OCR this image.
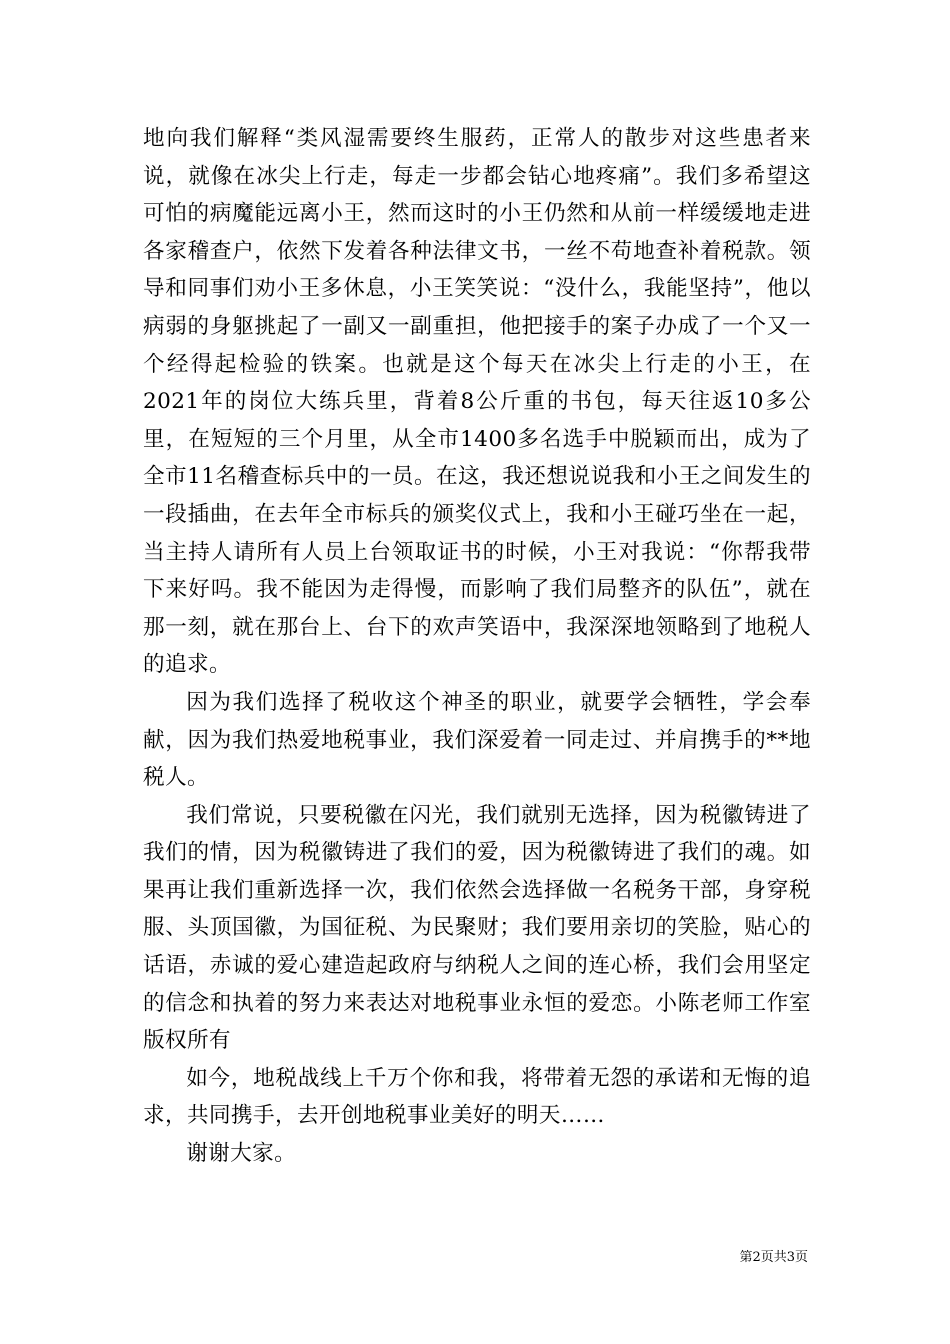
地向我们解释“类风湿需要终生服药，正常人的散步对这些患者来说，就像在冰尖上行走，每走一步都会钻心地疼痛”。我们多希望这可怕的病魔能远离小王，然而这时的小王仍然和从前一样缓缓地走进各家稽查户，依然下发着各种法律文书，一丝不苟地查补着税款。领导和同事们劝小王多休息，小王笑笑说：“没什么，我能坚持”，他以病弱的身躯挑起了一副又一副重担，他把接手的案子办成了一个又一个经得起检验的铁案。也就是这个每天在冰尖上行走的小王，在2021年的岗位大练兵里，背着8公斤重的书包，每天往返10多公里，在短短的三个月里，从全市1400多名选手中脱颖而出，成为了全市11名稽查标兵中的一员。在这，我还想说说我和小王之间发生的一段插曲，在去年全市标兵的颁奖仪式上，我和小王碰巧坐在一起，当主持人请所有人员上台领取证书的时候，小王对我说：“你帮我带下来好吗。我不能因为走得慢，而影响了我们局整齐的队伍”，就在那一刻，就在那台上、台下的欢声笑语中，我深深地领略到了地税人的追求。

因为我们选择了税收这个神圣的职业，就要学会牺牲，学会奉献，因为我们热爱地税事业，我们深爱着一同走过、并肩携手的**地税人。

我们常说，只要税徽在闪光，我们就别无选择，因为税徽铸进了我们的情，因为税徽铸进了我们的爱，因为税徽铸进了我们的魂。如果再让我们重新选择一次，我们依然会选择做一名税务干部，身穿税服、头顶国徽，为国征税、为民聚财；我们要用亲切的笑脸，贴心的话语，赤诚的爱心建造起政府与纳税人之间的连心桥，我们会用坚定的信念和执着的努力来表达对地税事业永恒的爱恋。小陈老师工作室版权所有

如今，地税战线上千万个你和我，将带着无怨的承诺和无悔的追求，共同携手，去开创地税事业美好的明天……

谢谢大家。

第2页共3页
